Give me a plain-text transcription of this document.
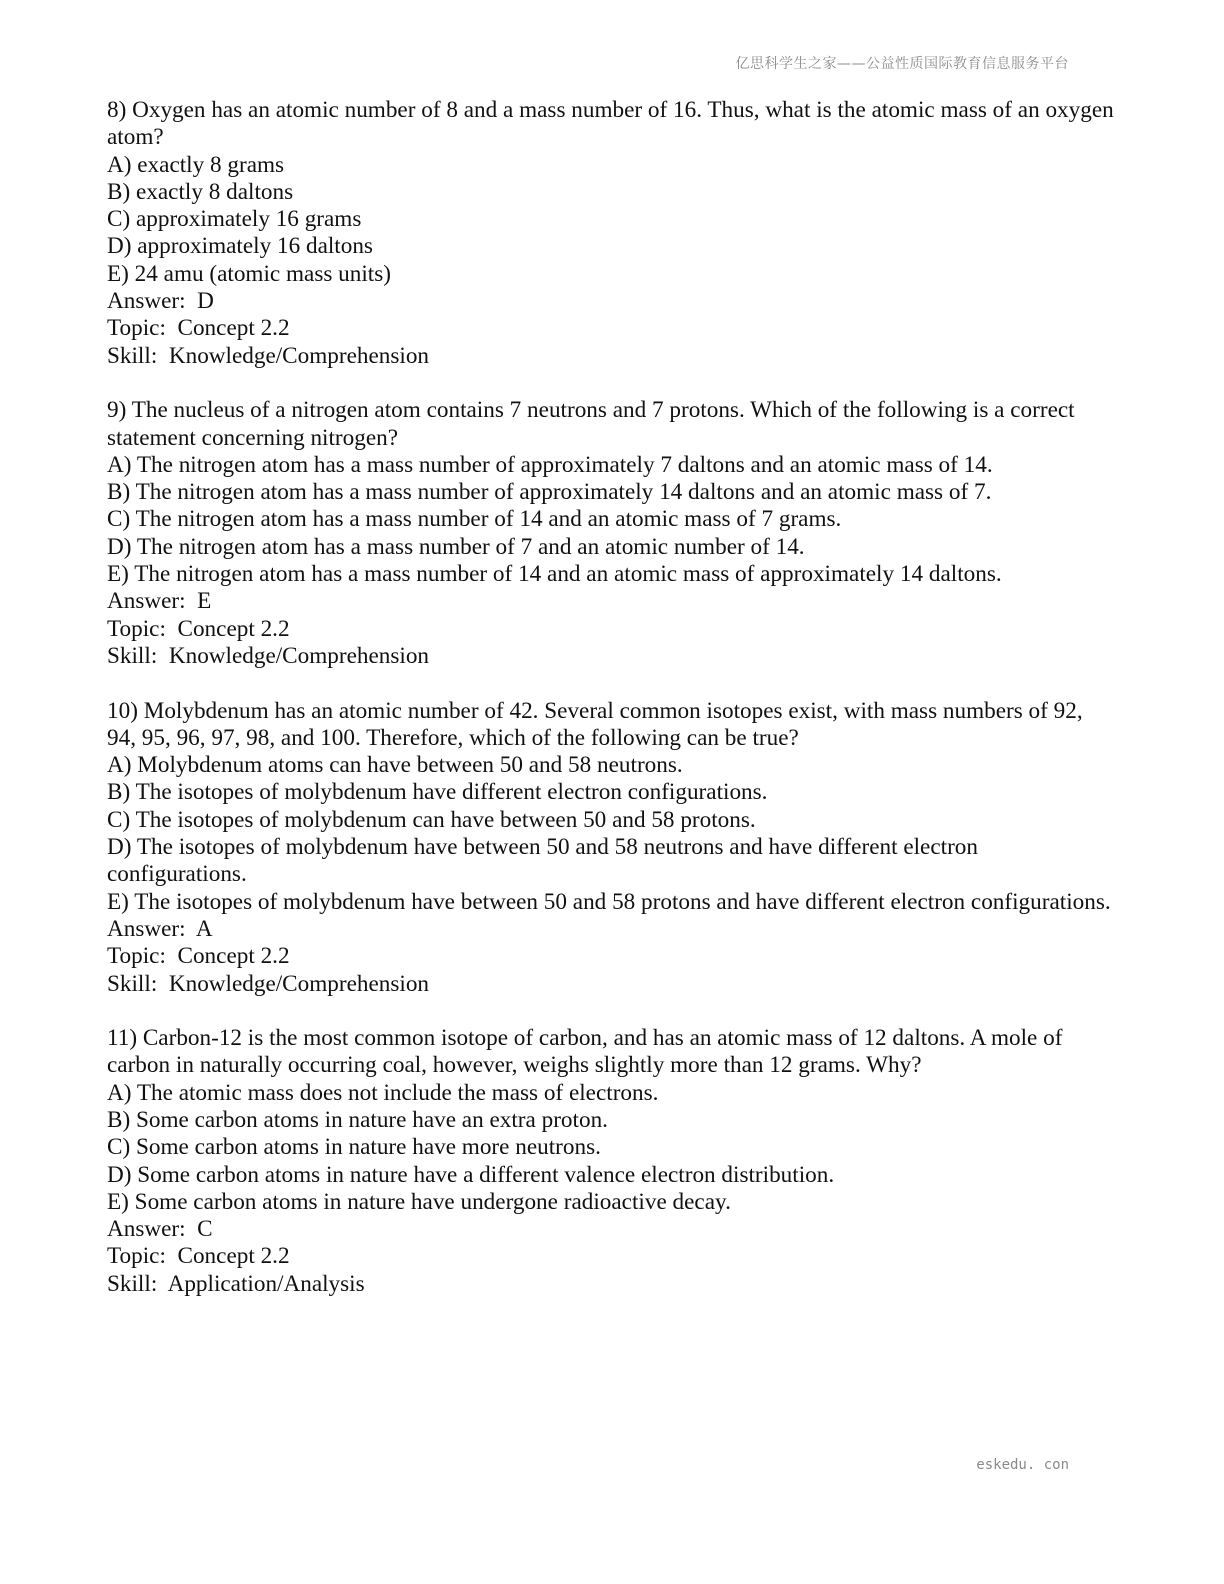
亿思科学生之家——公益性质国际教育信息服务平台

8) Oxygen has an atomic number of 8 and a mass number of 16. Thus, what is the atomic mass of an oxygen atom?

A) exactly 8 grams

B) exactly 8 daltons

C) approximately 16 grams

D) approximately 16 daltons

E) 24 amu (atomic mass units)

Answer:  D

Topic:  Concept 2.2

Skill:  Knowledge/Comprehension

9) The nucleus of a nitrogen atom contains 7 neutrons and 7 protons. Which of the following is a correct statement concerning nitrogen?

A) The nitrogen atom has a mass number of approximately 7 daltons and an atomic mass of 14.

B) The nitrogen atom has a mass number of approximately 14 daltons and an atomic mass of 7.

C) The nitrogen atom has a mass number of 14 and an atomic mass of 7 grams.

D) The nitrogen atom has a mass number of 7 and an atomic number of 14.

E) The nitrogen atom has a mass number of 14 and an atomic mass of approximately 14 daltons.

Answer:  E

Topic:  Concept 2.2

Skill:  Knowledge/Comprehension

10) Molybdenum has an atomic number of 42. Several common isotopes exist, with mass numbers of 92, 94, 95, 96, 97, 98, and 100. Therefore, which of the following can be true?

A) Molybdenum atoms can have between 50 and 58 neutrons.

B) The isotopes of molybdenum have different electron configurations.

C) The isotopes of molybdenum can have between 50 and 58 protons.

D) The isotopes of molybdenum have between 50 and 58 neutrons and have different electron configurations.

E) The isotopes of molybdenum have between 50 and 58 protons and have different electron configurations.

Answer:  A

Topic:  Concept 2.2

Skill:  Knowledge/Comprehension

11) Carbon-12 is the most common isotope of carbon, and has an atomic mass of 12 daltons. A mole of carbon in naturally occurring coal, however, weighs slightly more than 12 grams. Why?

A) The atomic mass does not include the mass of electrons.

B) Some carbon atoms in nature have an extra proton.

C) Some carbon atoms in nature have more neutrons.

D) Some carbon atoms in nature have a different valence electron distribution.

E) Some carbon atoms in nature have undergone radioactive decay.

Answer:  C

Topic:  Concept 2.2

Skill:  Application/Analysis

eskedu. con
